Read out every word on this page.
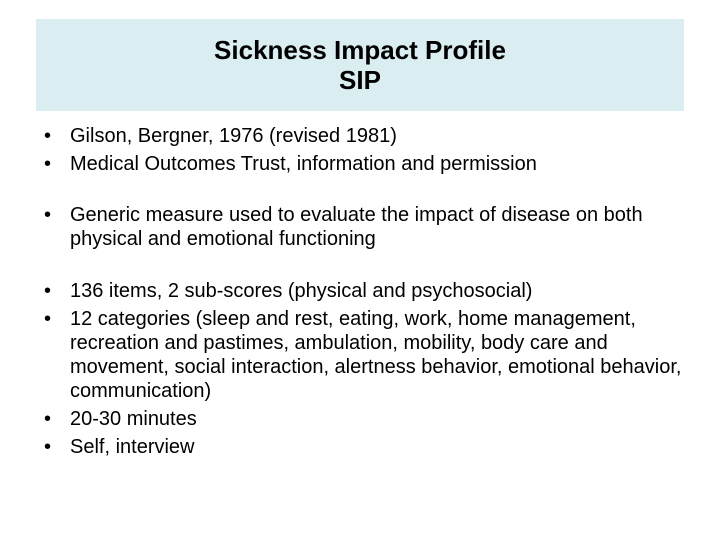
Sickness Impact Profile
SIP
• Gilson, Bergner, 1976 (revised 1981)
• Medical Outcomes Trust, information and permission
• Generic measure used to evaluate the impact of disease on both physical and emotional functioning
• 136 items, 2 sub-scores (physical and psychosocial)
• 12 categories (sleep and rest, eating, work, home management, recreation and pastimes, ambulation, mobility, body care and movement, social interaction, alertness behavior, emotional behavior, communication)
• 20-30 minutes
• Self, interview
